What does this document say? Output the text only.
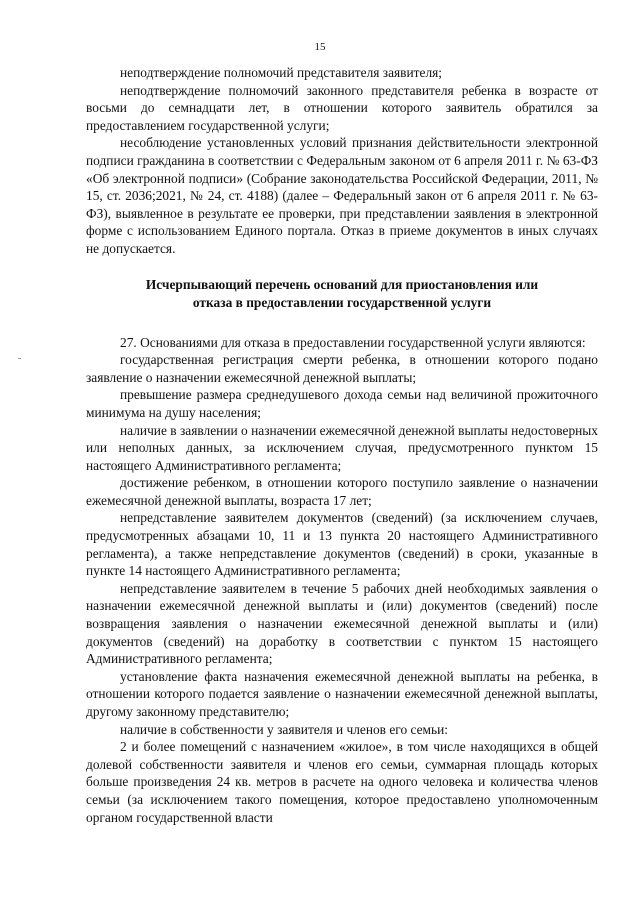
15

неподтверждение полномочий представителя заявителя;

неподтверждение полномочий законного представителя ребенка в возрасте от восьми до семнадцати лет, в отношении которого заявитель обратился за предоставлением государственной услуги;

несоблюдение установленных условий признания действительности электронной подписи гражданина в соответствии с Федеральным законом от 6 апреля 2011 г. № 63-ФЗ «Об электронной подписи» (Собрание законодательства Российской Федерации, 2011, № 15, ст. 2036;2021, № 24, ст. 4188) (далее – Федеральный закон от 6 апреля 2011 г. № 63-ФЗ), выявленное в результате ее проверки, при представлении заявления в электронной форме с использованием Единого портала. Отказ в приеме документов в иных случаях не допускается.

Исчерпывающий перечень оснований для приостановления или
отказа в предоставлении государственной услуги

27. Основаниями для отказа в предоставлении государственной услуги являются:

государственная регистрация смерти ребенка, в отношении которого подано заявление о назначении ежемесячной денежной выплаты;

превышение размера среднедушевого дохода семьи над величиной прожиточного минимума на душу населения;

наличие в заявлении о назначении ежемесячной денежной выплаты недостоверных или неполных данных, за исключением случая, предусмотренного пунктом 15 настоящего Административного регламента;

достижение ребенком, в отношении которого поступило заявление о назначении ежемесячной денежной выплаты, возраста 17 лет;

непредставление заявителем документов (сведений) (за исключением случаев, предусмотренных абзацами 10, 11 и 13 пункта 20 настоящего Административного регламента), а также непредставление документов (сведений) в сроки, указанные в пункте 14 настоящего Административного регламента;

непредставление заявителем в течение 5 рабочих дней необходимых заявления о назначении ежемесячной денежной выплаты и (или) документов (сведений) после возвращения заявления о назначении ежемесячной денежной выплаты и (или) документов (сведений) на доработку в соответствии с пунктом 15 настоящего Административного регламента;

установление факта назначения ежемесячной денежной выплаты на ребенка, в отношении которого подается заявление о назначении ежемесячной денежной выплаты, другому законному представителю;

наличие в собственности у заявителя и членов его семьи:

2 и более помещений с назначением «жилое», в том числе находящихся в общей долевой собственности заявителя и членов его семьи, суммарная площадь которых больше произведения 24 кв. метров в расчете на одного человека и количества членов семьи (за исключением такого помещения, которое предоставлено уполномоченным органом государственной власти
